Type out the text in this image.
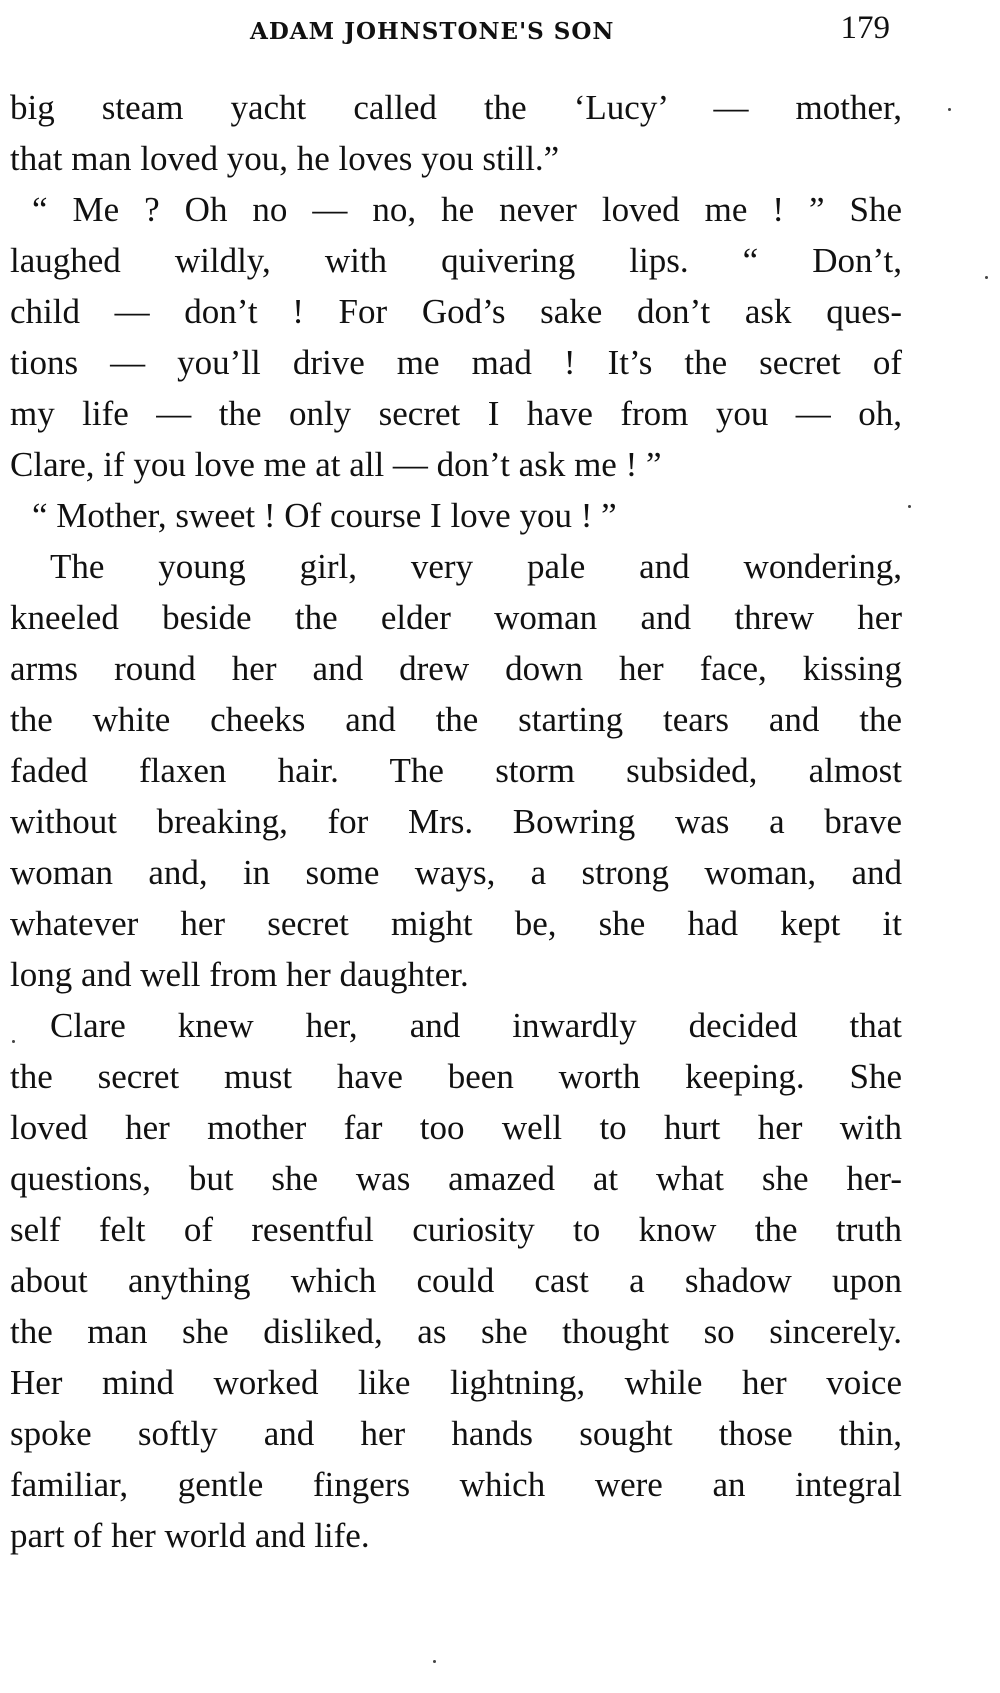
ADAM JOHNSTONE'S SON	179
big steam yacht called the ‘Lucy’ — mother,
that man loved you, he loves you still.”
“ Me ? Oh no — no, he never loved me ! ” She
laughed wildly, with quivering lips. “ Don’t,
child — don’t ! For God’s sake don’t ask ques-
tions — you’ll drive me mad ! It’s the secret of
my life — the only secret I have from you — oh,
Clare, if you love me at all — don’t ask me ! ”
“ Mother, sweet ! Of course I love you ! ”
The young girl, very pale and wondering,
kneeled beside the elder woman and threw her
arms round her and drew down her face, kissing
the white cheeks and the starting tears and the
faded flaxen hair. The storm subsided, almost
without breaking, for Mrs. Bowring was a brave
woman and, in some ways, a strong woman, and
whatever her secret might be, she had kept it
long and well from her daughter.
Clare knew her, and inwardly decided that
the secret must have been worth keeping. She
loved her mother far too well to hurt her with
questions, but she was amazed at what she her-
self felt of resentful curiosity to know the truth
about anything which could cast a shadow upon
the man she disliked, as she thought so sincerely.
Her mind worked like lightning, while her voice
spoke softly and her hands sought those thin,
familiar, gentle fingers which were an integral
part of her world and life.
